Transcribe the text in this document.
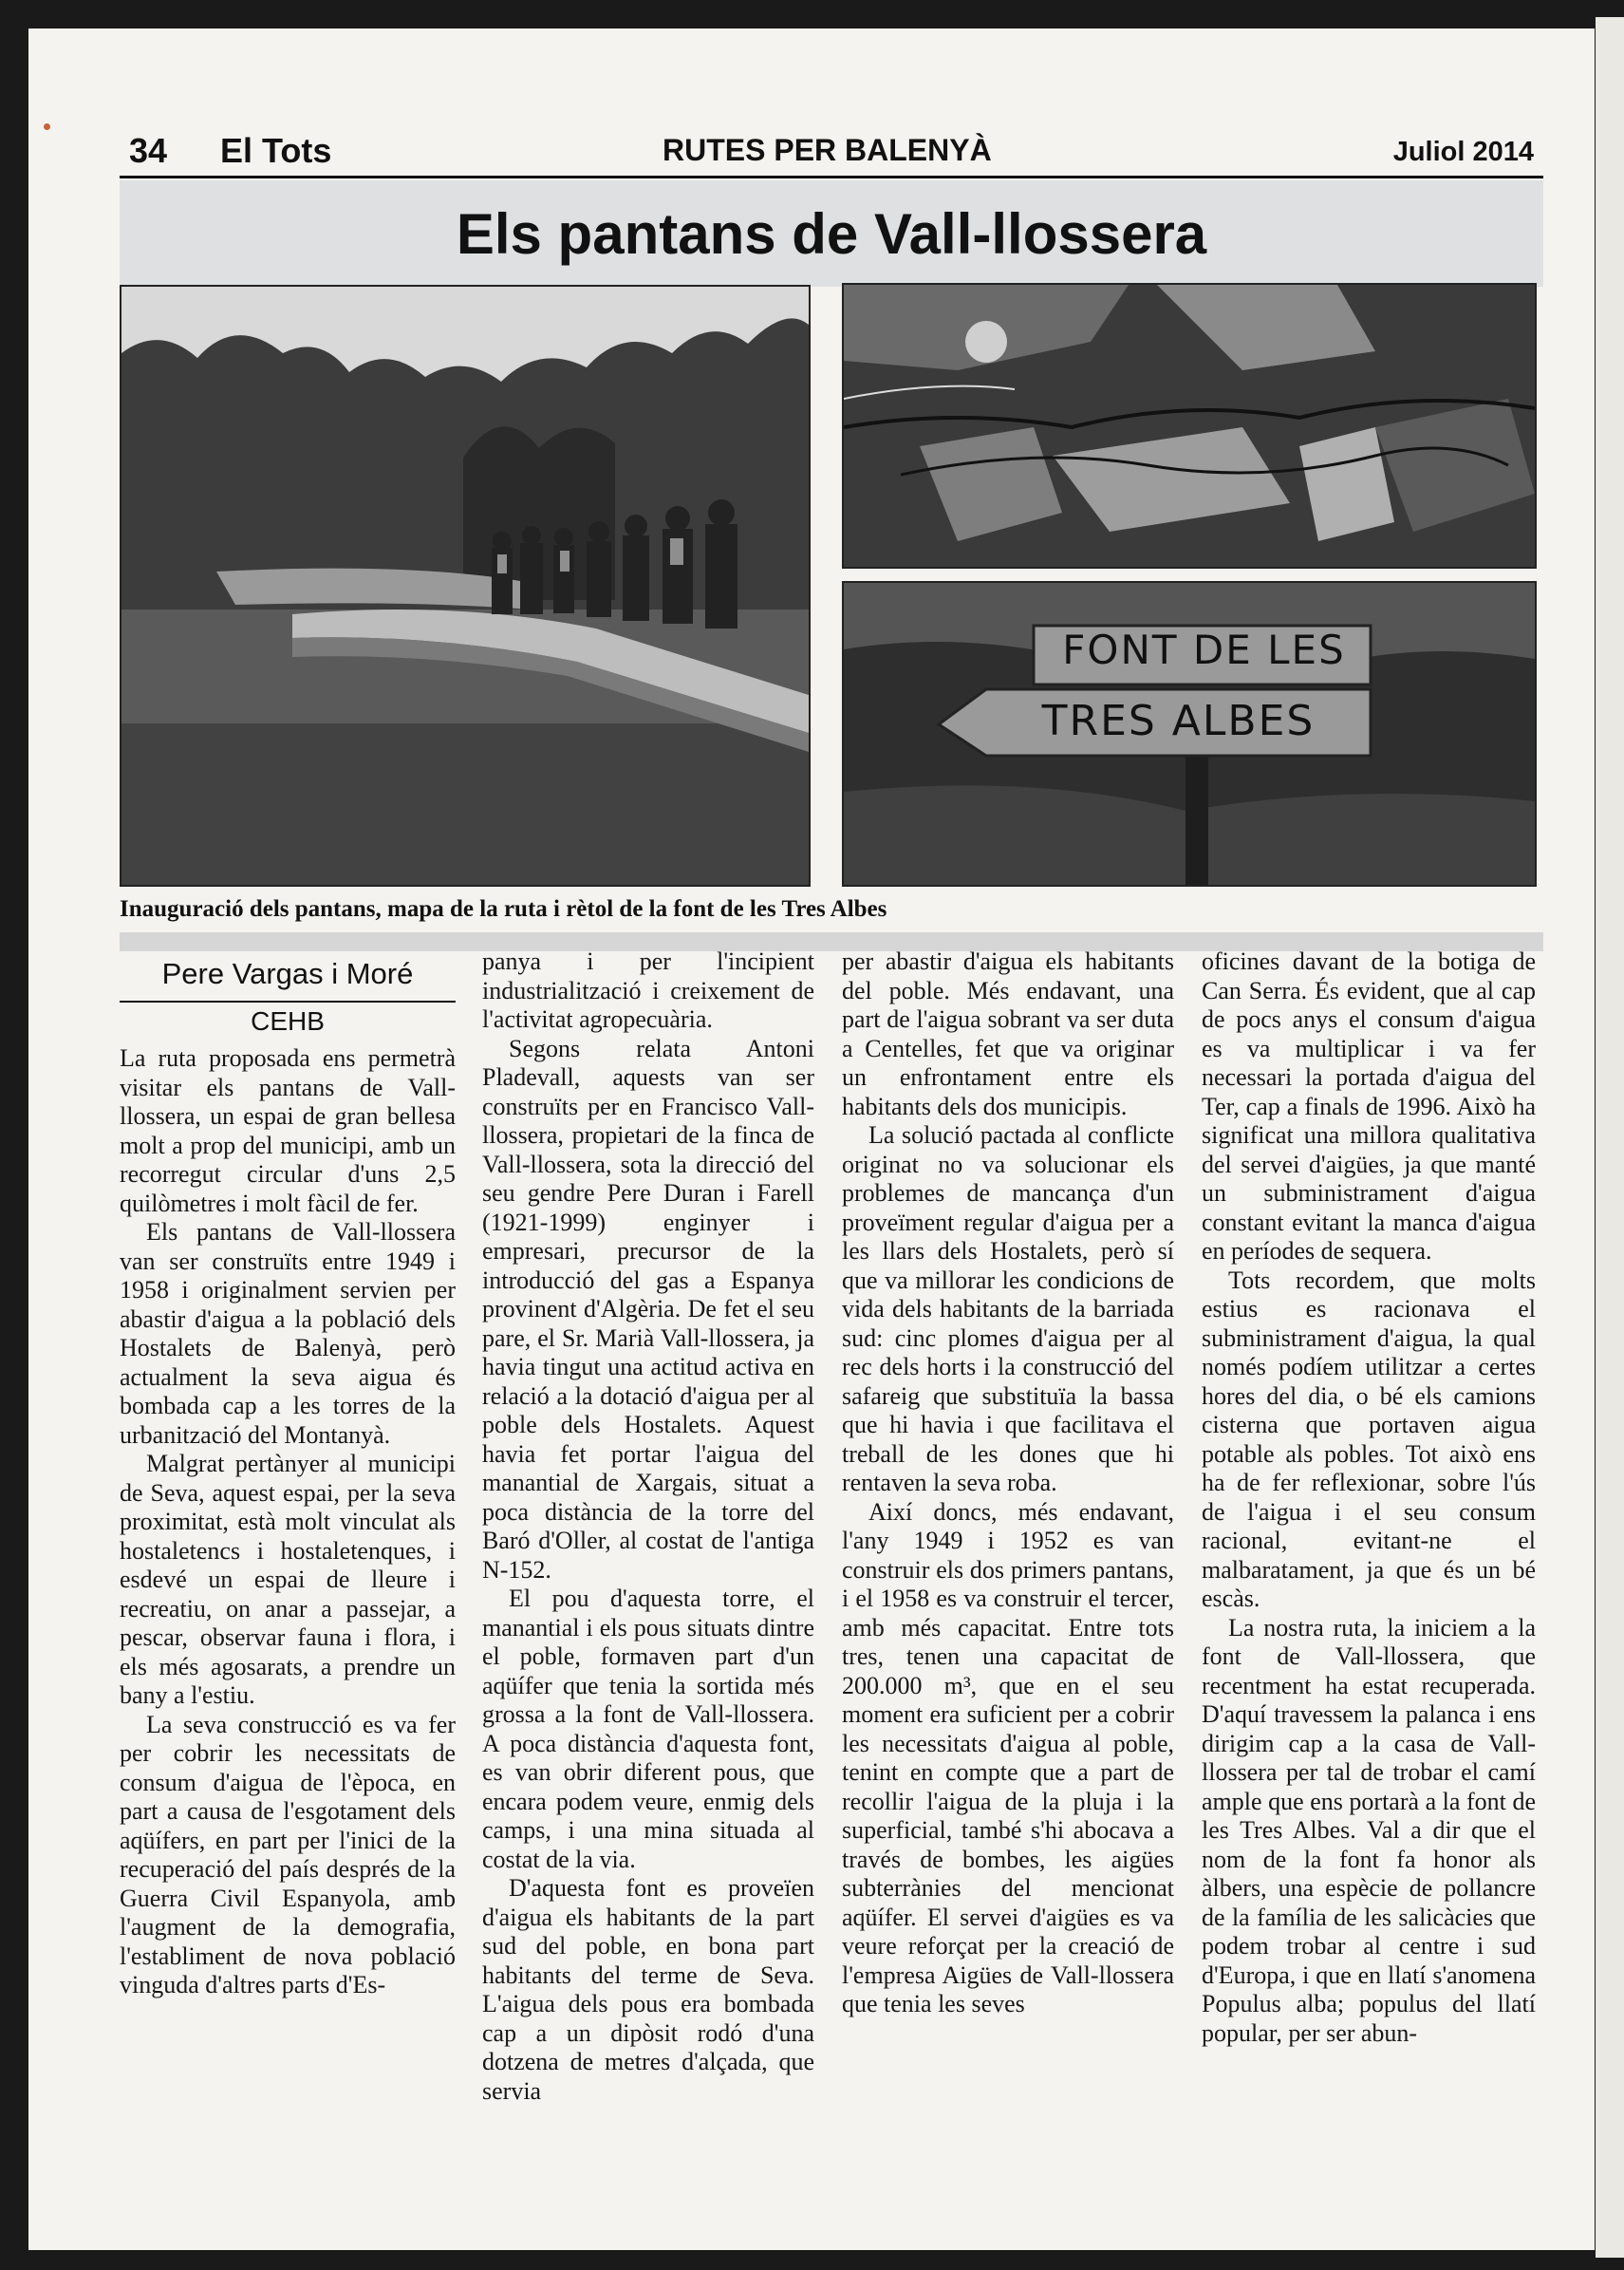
34 El Tots	RUTES PER BALENYÀ	Juliol 2014
Els pantans de Vall-llossera
FONT DE LES
TRES ALBES
Inauguració dels pantans, mapa de la ruta i rètol de la font de les Tres Albes
Pere Vargas i Moré
CEHB

La ruta proposada ens permetrà visitar els pantans de Vall-llossera, un espai de gran bellesa molt a prop del municipi, amb un recorregut circular d'uns 2,5 quilòmetres i molt fàcil de fer.

Els pantans de Vall-llossera van ser construïts entre 1949 i 1958 i originalment servien per abastir d'aigua a la població dels Hostalets de Balenyà, però actualment la seva aigua és bombada cap a les torres de la urbanització del Montanyà.

Malgrat pertànyer al municipi de Seva, aquest espai, per la seva proximitat, està molt vinculat als hostaletencs i hostaletenques, i esdevé un espai de lleure i recreatiu, on anar a passejar, a pescar, observar fauna i flora, i els més agosarats, a prendre un bany a l'estiu.

La seva construcció es va fer per cobrir les necessitats de consum d'aigua de l'època, en part a causa de l'esgotament dels aqüífers, en part per l'inici de la recuperació del país després de la Guerra Civil Espanyola, amb l'augment de la demografia, l'establiment de nova població vinguda d'altres parts d'Es-

panya i per l'incipient industrialització i creixement de l'activitat agropecuària.

Segons relata Antoni Pladevall, aquests van ser construïts per en Francisco Vall-llossera, propietari de la finca de Vall-llossera, sota la direcció del seu gendre Pere Duran i Farell (1921-1999) enginyer i empresari, precursor de la introducció del gas a Espanya provinent d'Algèria. De fet el seu pare, el Sr. Marià Vall-llossera, ja havia tingut una actitud activa en relació a la dotació d'aigua per al poble dels Hostalets. Aquest havia fet portar l'aigua del manantial de Xargais, situat a poca distància de la torre del Baró d'Oller, al costat de l'antiga N-152.

El pou d'aquesta torre, el manantial i els pous situats dintre el poble, formaven part d'un aqüífer que tenia la sortida més grossa a la font de Vall-llossera. A poca distància d'aquesta font, es van obrir diferent pous, que encara podem veure, enmig dels camps, i una mina situada al costat de la via.

D'aquesta font es proveïen d'aigua els habitants de la part sud del poble, en bona part habitants del terme de Seva. L'aigua dels pous era bombada cap a un dipòsit rodó d'una dotzena de metres d'alçada, que servia

per abastir d'aigua els habitants del poble. Més endavant, una part de l'aigua sobrant va ser duta a Centelles, fet que va originar un enfrontament entre els habitants dels dos municipis.

La solució pactada al conflicte originat no va solucionar els problemes de mancança d'un proveïment regular d'aigua per a les llars dels Hostalets, però sí que va millorar les condicions de vida dels habitants de la barriada sud: cinc plomes d'aigua per al rec dels horts i la construcció del safareig que substituïa la bassa que hi havia i que facilitava el treball de les dones que hi rentaven la seva roba.

Així doncs, més endavant, l'any 1949 i 1952 es van construir els dos primers pantans, i el 1958 es va construir el tercer, amb més capacitat. Entre tots tres, tenen una capacitat de 200.000 m³, que en el seu moment era suficient per a cobrir les necessitats d'aigua al poble, tenint en compte que a part de recollir l'aigua de la pluja i la superficial, també s'hi abocava a través de bombes, les aigües subterrànies del mencionat aqüífer. El servei d'aigües es va veure reforçat per la creació de l'empresa Aigües de Vall-llossera que tenia les seves

oficines davant de la botiga de Can Serra. És evident, que al cap de pocs anys el consum d'aigua es va multiplicar i va fer necessari la portada d'aigua del Ter, cap a finals de 1996. Això ha significat una millora qualitativa del servei d'aigües, ja que manté un subministrament d'aigua constant evitant la manca d'aigua en períodes de sequera.

Tots recordem, que molts estius es racionava el subministrament d'aigua, la qual només podíem utilitzar a certes hores del dia, o bé els camions cisterna que portaven aigua potable als pobles. Tot això ens ha de fer reflexionar, sobre l'ús de l'aigua i el seu consum racional, evitant-ne el malbaratament, ja que és un bé escàs.

La nostra ruta, la iniciem a la font de Vall-llossera, que recentment ha estat recuperada. D'aquí travessem la palanca i ens dirigim cap a la casa de Vall-llossera per tal de trobar el camí ample que ens portarà a la font de les Tres Albes. Val a dir que el nom de la font fa honor als àlbers, una espècie de pollancre de la família de les salicàcies que podem trobar al centre i sud d'Europa, i que en llatí s'anomena Populus alba; populus del llatí popular, per ser abun-
